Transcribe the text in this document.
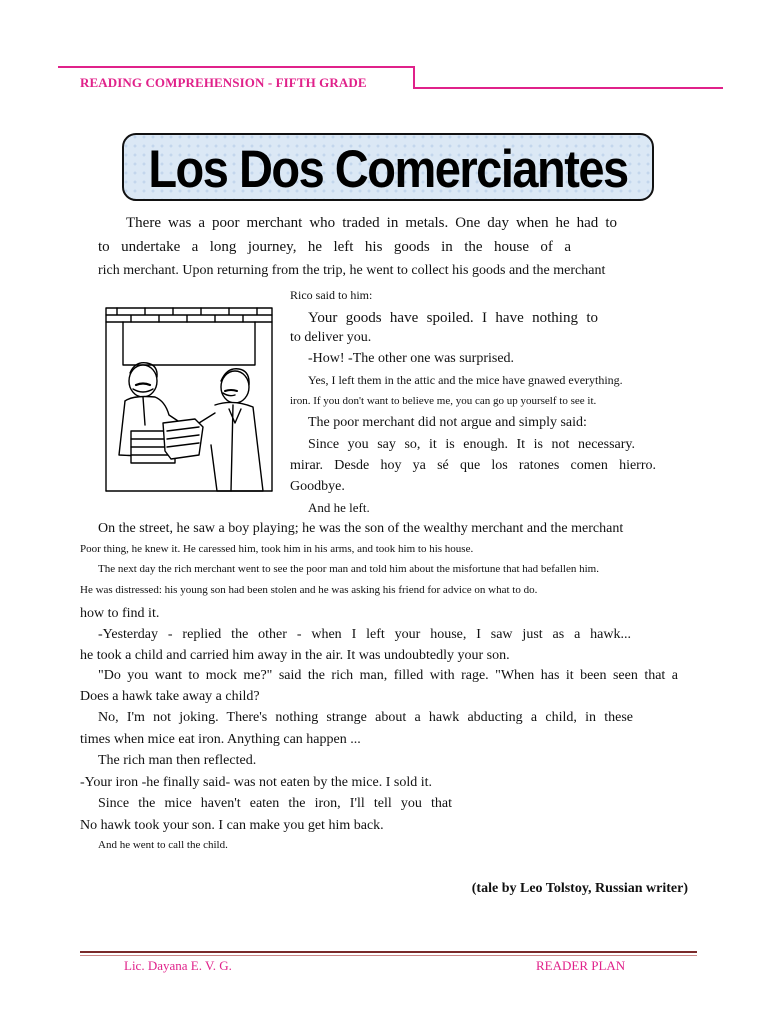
READING COMPREHENSION - FIFTH GRADE
Los Dos Comerciantes
There was a poor merchant who traded in metals. One day when he had to
to undertake a long journey, he left his goods in the house of a
rich merchant. Upon returning from the trip, he went to collect his goods and the merchant
Rico said to him:
Your goods have spoiled. I have nothing to
to deliver you.
-How! -The other one was surprised.
Yes, I left them in the attic and the mice have gnawed everything.
iron. If you don't want to believe me, you can go up yourself to see it.
The poor merchant did not argue and simply said:
Since you say so, it is enough. It is not necessary.
mirar. Desde hoy ya sé que los ratones comen hierro.
Goodbye.
And he left.
On the street, he saw a boy playing; he was the son of the wealthy merchant and the merchant
Poor thing, he knew it. He caressed him, took him in his arms, and took him to his house.
The next day the rich merchant went to see the poor man and told him about the misfortune that had befallen him.
He was distressed: his young son had been stolen and he was asking his friend for advice on what to do.
how to find it.
-Yesterday - replied the other - when I left your house, I saw just as a hawk...
he took a child and carried him away in the air. It was undoubtedly your son.
"Do you want to mock me?" said the rich man, filled with rage. "When has it been seen that a
Does a hawk take away a child?
No, I'm not joking. There's nothing strange about a hawk abducting a child, in these
times when mice eat iron. Anything can happen ...
The rich man then reflected.
-Your iron -he finally said- was not eaten by the mice. I sold it.
Since the mice haven't eaten the iron, I'll tell you that
No hawk took your son. I can make you get him back.
And he went to call the child.
(tale by Leo Tolstoy, Russian writer)
Lic. Dayana E. V. G.	READER PLAN
